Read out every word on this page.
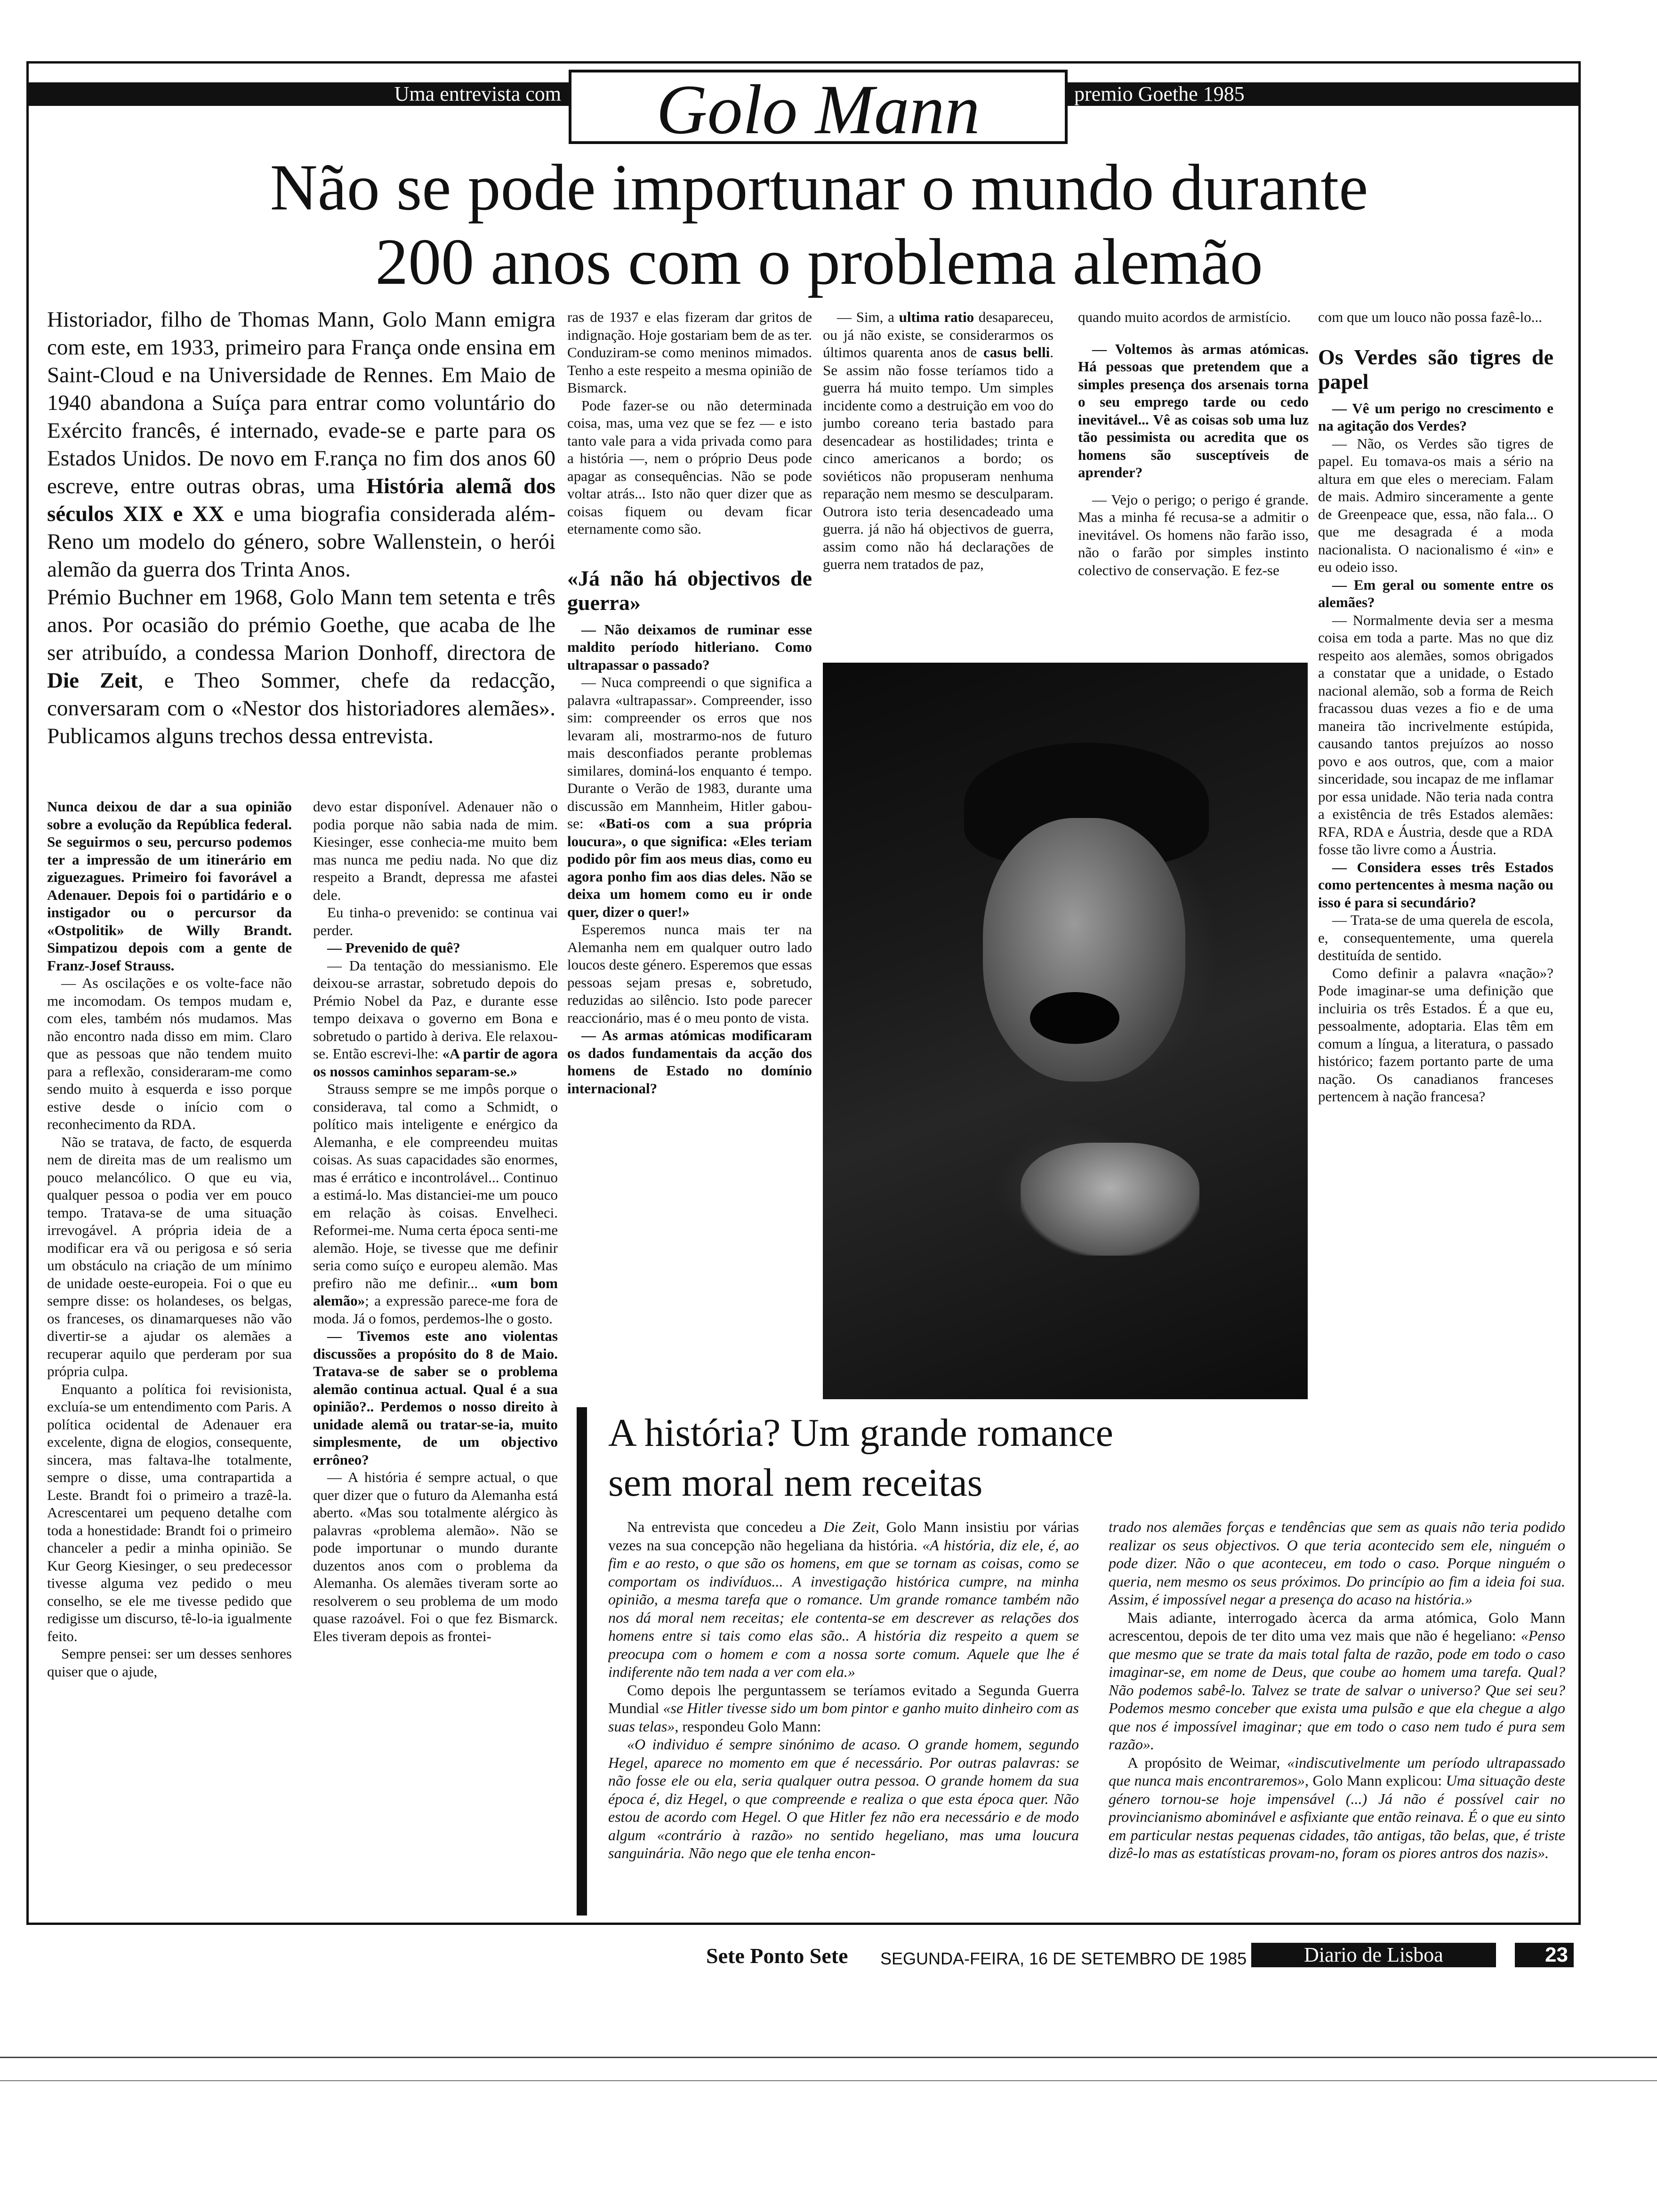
Uma entrevista com	premio Goethe 1985
Golo Mann
Não se pode importunar o mundo durante
200 anos com o problema alemão

Historiador, filho de Thomas Mann, Golo Mann emigra com este, em 1933, primeiro para França onde ensina em Saint-Cloud e na Universidade de Rennes. Em Maio de 1940 abandona a Suíça para entrar como voluntário do Exército francês, é internado, evade-se e parte para os Estados Unidos. De novo em F.rança no fim dos anos 60 escreve, entre outras obras, uma História alemã dos séculos XIX e XX e uma biografia considerada além-Reno um modelo do género, sobre Wallenstein, o herói alemão da guerra dos Trinta Anos.

Prémio Buchner em 1968, Golo Mann tem setenta e três anos. Por ocasião do prémio Goethe, que acaba de lhe ser atribuído, a condessa Marion Donhoff, directora de Die Zeit, e Theo Sommer, chefe da redacção, conversaram com o «Nestor dos historiadores alemães». Publicamos alguns trechos dessa entrevista.

Nunca deixou de dar a sua opinião sobre a evolução da República federal. Se seguirmos o seu, percurso podemos ter a impressão de um itinerário em ziguezagues. Primeiro foi favorável a Adenauer. Depois foi o partidário e o instigador ou o percursor da «Ostpolitik» de Willy Brandt. Simpatizou depois com a gente de Franz-Josef Strauss.

— As oscilações e os volte-face não me incomodam. Os tempos mudam e, com eles, também nós mudamos. Mas não encontro nada disso em mim. Claro que as pessoas que não tendem muito para a reflexão, consideraram-me como sendo muito à esquerda e isso porque estive desde o início com o reconhecimento da RDA.

Não se tratava, de facto, de esquerda nem de direita mas de um realismo um pouco melancólico. O que eu via, qualquer pessoa o podia ver em pouco tempo. Tratava-se de uma situação irrevogável. A própria ideia de a modificar era vã ou perigosa e só seria um obstáculo na criação de um mínimo de unidade oeste-europeia. Foi o que eu sempre disse: os holandeses, os belgas, os franceses, os dinamarqueses não vão divertir-se a ajudar os alemães a recuperar aquilo que perderam por sua própria culpa.

Enquanto a política foi revisionista, excluía-se um entendimento com Paris. A política ocidental de Adenauer era excelente, digna de elogios, consequente, sincera, mas faltava-lhe totalmente, sempre o disse, uma contrapartida a Leste. Brandt foi o primeiro a trazê-la. Acrescentarei um pequeno detalhe com toda a honestidade: Brandt foi o primeiro chanceler a pedir a minha opinião. Se Kur Georg Kiesinger, o seu predecessor tivesse alguma vez pedido o meu conselho, se ele me tivesse pedido que redigisse um discurso, tê-lo-ia igualmente feito.

Sempre pensei: ser um desses senhores quiser que o ajude,

devo estar disponível. Adenauer não o podia porque não sabia nada de mim. Kiesinger, esse conhecia-me muito bem mas nunca me pediu nada. No que diz respeito a Brandt, depressa me afastei dele.

Eu tinha-o prevenido: se continua vai perder.

— Prevenido de quê?

— Da tentação do messianismo. Ele deixou-se arrastar, sobretudo depois do Prémio Nobel da Paz, e durante esse tempo deixava o governo em Bona e sobretudo o partido à deriva. Ele relaxou-se. Então escrevi-lhe: «A partir de agora os nossos caminhos separam-se.»

Strauss sempre se me impôs porque o considerava, tal como a Schmidt, o político mais inteligente e enérgico da Alemanha, e ele compreendeu muitas coisas. As suas capacidades são enormes, mas é errático e incontrolável... Continuo a estimá-lo. Mas distanciei-me um pouco em relação às coisas. Envelheci. Reformei-me. Numa certa época senti-me alemão. Hoje, se tivesse que me definir seria como suíço e europeu alemão. Mas prefiro não me definir... «um bom alemão»; a expressão parece-me fora de moda. Já o fomos, perdemos-lhe o gosto.

— Tivemos este ano violentas discussões a propósito do 8 de Maio. Tratava-se de saber se o problema alemão continua actual. Qual é a sua opinião?.. Perdemos o nosso direito à unidade alemã ou tratar-se-ia, muito simplesmente, de um objectivo errôneo?

— A história é sempre actual, o que quer dizer que o futuro da Alemanha está aberto. «Mas sou totalmente alérgico às palavras «problema alemão». Não se pode importunar o mundo durante duzentos anos com o problema da Alemanha. Os alemães tiveram sorte ao resolverem o seu problema de um modo quase razoável. Foi o que fez Bismarck. Eles tiveram depois as frontei-

ras de 1937 e elas fizeram dar gritos de indignação. Hoje gostariam bem de as ter. Conduziram-se como meninos mimados. Tenho a este respeito a mesma opinião de Bismarck.

Pode fazer-se ou não determinada coisa, mas, uma vez que se fez — e isto tanto vale para a vida privada como para a história —, nem o próprio Deus pode apagar as consequências. Não se pode voltar atrás... Isto não quer dizer que as coisas fiquem ou devam ficar eternamente como são.

«Já não há objectivos de guerra»

— Não deixamos de ruminar esse maldito período hitleriano. Como ultrapassar o passado?

— Nuca compreendi o que significa a palavra «ultrapassar». Compreender, isso sim: compreender os erros que nos levaram ali, mostrarmo-nos de futuro mais desconfiados perante problemas similares, dominá-los enquanto é tempo. Durante o Verão de 1983, durante uma discussão em Mannheim, Hitler gabou-se: «Bati-os com a sua própria loucura», o que significa: «Eles teriam podido pôr fim aos meus dias, como eu agora ponho fim aos dias deles. Não se deixa um homem como eu ir onde quer, dizer o quer!»

Esperemos nunca mais ter na Alemanha nem em qualquer outro lado loucos deste género. Esperemos que essas pessoas sejam presas e, sobretudo, reduzidas ao silêncio. Isto pode parecer reaccionário, mas é o meu ponto de vista.

— As armas atómicas modificaram os dados fundamentais da acção dos homens de Estado no domínio internacional?

— Sim, a ultima ratio desapareceu, ou já não existe, se considerarmos os últimos quarenta anos de casus belli. Se assim não fosse teríamos tido a guerra há muito tempo. Um simples incidente como a destruição em voo do jumbo coreano teria bastado para desencadear as hostilidades; trinta e cinco americanos a bordo; os soviéticos não propuseram nenhuma reparação nem mesmo se desculparam. Outrora isto teria desencadeado uma guerra. já não há objectivos de guerra, assim como não há declarações de guerra nem tratados de paz,

quando muito acordos de armistício.

— Voltemos às armas atómicas. Há pessoas que pretendem que a simples presença dos arsenais torna o seu emprego tarde ou cedo inevitável... Vê as coisas sob uma luz tão pessimista ou acredita que os homens são susceptíveis de aprender?

— Vejo o perigo; o perigo é grande. Mas a minha fé recusa-se a admitir o inevitável. Os homens não farão isso, não o farão por simples instinto colectivo de conservação. E fez-se

com que um louco não possa fazê-lo...

Os Verdes são tigres de papel

— Vê um perigo no crescimento e na agitação dos Verdes?

— Não, os Verdes são tigres de papel. Eu tomava-os mais a sério na altura em que eles o mereciam. Falam de mais. Admiro sinceramente a gente de Greenpeace que, essa, não fala... O que me desagrada é a moda nacionalista. O nacionalismo é «in» e eu odeio isso.

— Em geral ou somente entre os alemães?

— Normalmente devia ser a mesma coisa em toda a parte. Mas no que diz respeito aos alemães, somos obrigados a constatar que a unidade, o Estado nacional alemão, sob a forma de Reich fracassou duas vezes a fio e de uma maneira tão incrivelmente estúpida, causando tantos prejuízos ao nosso povo e aos outros, que, com a maior sinceridade, sou incapaz de me inflamar por essa unidade. Não teria nada contra a existência de três Estados alemães: RFA, RDA e Áustria, desde que a RDA fosse tão livre como a Áustria.

— Considera esses três Estados como pertencentes à mesma nação ou isso é para si secundário?

— Trata-se de uma querela de escola, e, consequentemente, uma querela destituída de sentido.

Como definir a palavra «nação»? Pode imaginar-se uma definição que incluiria os três Estados. É a que eu, pessoalmente, adoptaria. Elas têm em comum a língua, a literatura, o passado histórico; fazem portanto parte de uma nação. Os canadianos franceses pertencem à nação francesa?

A história? Um grande romance
sem moral nem receitas

Na entrevista que concedeu a Die Zeit, Golo Mann insistiu por várias vezes na sua concepção não hegeliana da história. «A história, diz ele, é, ao fim e ao resto, o que são os homens, em que se tornam as coisas, como se comportam os indivíduos... A investigação histórica cumpre, na minha opinião, a mesma tarefa que o romance. Um grande romance também não nos dá moral nem receitas; ele contenta-se em descrever as relações dos homens entre si tais como elas são.. A história diz respeito a quem se preocupa com o homem e com a nossa sorte comum. Aquele que lhe é indiferente não tem nada a ver com ela.»

Como depois lhe perguntassem se teríamos evitado a Segunda Guerra Mundial «se Hitler tivesse sido um bom pintor e ganho muito dinheiro com as suas telas», respondeu Golo Mann:

«O individuo é sempre sinónimo de acaso. O grande homem, segundo Hegel, aparece no momento em que é necessário. Por outras palavras: se não fosse ele ou ela, seria qualquer outra pessoa. O grande homem da sua época é, diz Hegel, o que compreende e realiza o que esta época quer. Não estou de acordo com Hegel. O que Hitler fez não era necessário e de modo algum «contrário à razão» no sentido hegeliano, mas uma loucura sanguinária. Não nego que ele tenha encon-

trado nos alemães forças e tendências que sem as quais não teria podido realizar os seus objectivos. O que teria acontecido sem ele, ninguém o pode dizer. Não o que aconteceu, em todo o caso. Porque ninguém o queria, nem mesmo os seus próximos. Do princípio ao fim a ideia foi sua. Assim, é impossível negar a presença do acaso na história.»

Mais adiante, interrogado àcerca da arma atómica, Golo Mann acrescentou, depois de ter dito uma vez mais que não é hegeliano: «Penso que mesmo que se trate da mais total falta de razão, pode em todo o caso imaginar-se, em nome de Deus, que coube ao homem uma tarefa. Qual? Não podemos sabê-lo. Talvez se trate de salvar o universo? Que sei seu? Podemos mesmo conceber que exista uma pulsão e que ela chegue a algo que nos é impossível imaginar; que em todo o caso nem tudo é pura sem razão».

A propósito de Weimar, «indiscutivelmente um período ultrapassado que nunca mais encontraremos», Golo Mann explicou: Uma situação deste género tornou-se hoje impensável (...) Já não é possível cair no provincianismo abominável e asfixiante que então reinava. É o que eu sinto em particular nestas pequenas cidades, tão antigas, tão belas, que, é triste dizê-lo mas as estatísticas provam-no, foram os piores antros dos nazis».

Sete Ponto Sete SEGUNDA-FEIRA, 16 DE SETEMBRO DE 1985	Diario de Lisboa	23
